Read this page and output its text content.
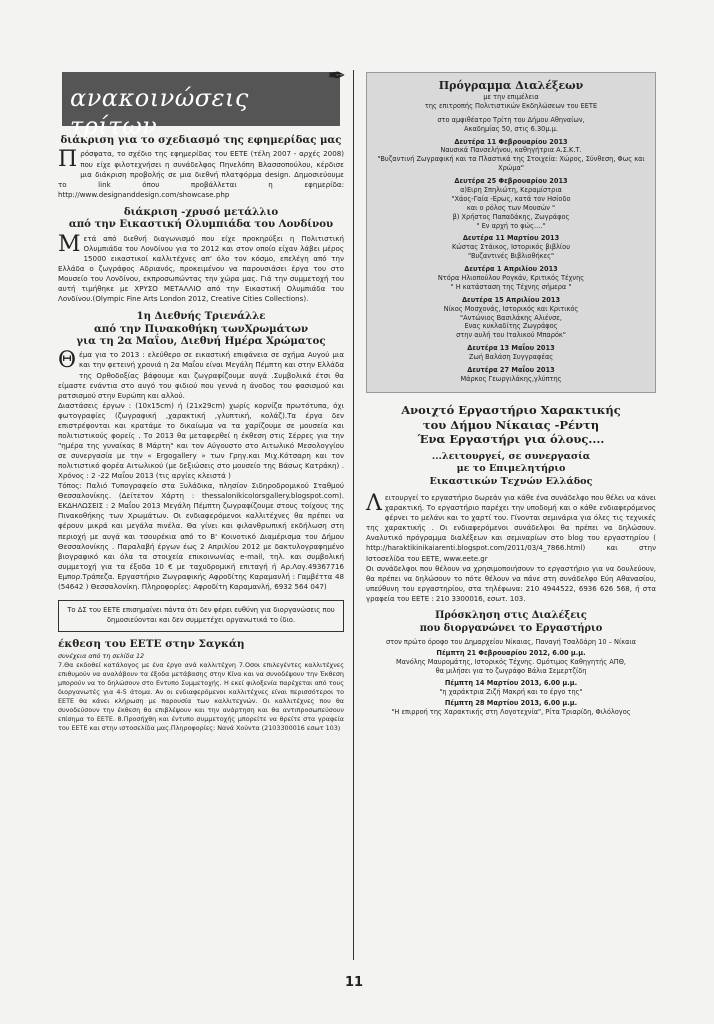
ανακοινώσεις τρίτων
✒
διάκριση για το σχεδιασμό της εφημερίδας μας

Πρόσφατα, το σχέδιο της εφημερίδας του ΕΕΤΕ (τέλη 2007 - αρχές 2008) που είχε φιλοτεχνήσει η συνάδελφος Πηνελόπη Βλασσοπούλου, κέρδισε μια διάκριση προβολής σε μια διεθνή πλατφόρμα design. Δημοσιεύουμε το link όπου προβάλλεται η εφημερίδα: http://www.designanddesign.com/showcase.php

διάκριση -χρυσό μετάλλιο
από την Εικαστική Ολυμπιάδα του Λονδίνου

Μετά από διεθνή διαγωνισμό που είχε προκηρύξει η Πολιτιστική Ολυμπιάδα του Λονδίνου για το 2012 και στον οποίο είχαν λάβει μέρος 15000 εικαστικοί καλλιτέχνες απ' όλο τον κόσμο, επελέγη από την Ελλάδα ο ζωγράφος Αδριανός, προκειμένου να παρουσιάσει έργα του στο Μουσείο του Λονδίνου, εκπροσωπώντας την χώρα μας. Γιά την συμμετοχή του αυτή τιμήθηκε με ΧΡΥΣΟ ΜΕΤΑΛΛΙΟ από την Εικαστική Ολυμπιάδα του Λονδίνου.(Olympic Fine Arts London 2012, Creative Cities Collections).

1η Διεθνής Τριενάλλε
από την Πινακοθήκη τωνΧρωμάτων
για τη 2α Μαΐου, Διεθνή Ημέρα Χρώματος

Θέμα για το 2013 : ελεύθερο σε εικαστική επιφάνεια σε σχήμα Αυγού μια και την φετεινή χρονιά η 2α Μαΐου είναι Μεγάλη Πέμπτη και στην Ελλάδα της Ορθοδοξίας βάφουμε και ζωγραφίζουμε αυγά .Συμβολικά έτσι θα είμαστε ενάντια στο αυγό του φιδιού που γεννά η άνοδος του φασισμού και ρατσισμού στην Ευρώπη και αλλού.

Διαστάσεις έργων : (10x15cm) ή (21x29cm) χωρίς κορνίζα πρωτότυπα, όχι φωτογραφίες (ζωγραφική ,χαρακτική ,γλυπτική, κολάζ).Τα έργα δεν επιστρέφονται και κρατάμε το δικαίωμα να τα χαρίζουμε σε μουσεία και πολιτιστικούς φορείς . Το 2013 θα μεταφερθεί η έκθεση στις Σέρρες για την "ημέρα της γυναίκας 8 Μάρτη" και τον Αύγουστο στο Αιτωλικό Μεσολογγίου σε συνεργασία με την « Ergogallery » των Γρηγ.και Μιχ.Κότσαρη και τον πολιτιστικό φορέα Αιτωλικού (με δεξιώσεις στο μουσείο της Βάσως Κατράκη) . Χρόνος : 2 -22 Μαΐου 2013 (τις αργίες κλειστά )

Τόπος: Παλιό Τυπογραφείο στα Ξυλάδικα, πλησίον Σιδηροδρομικού Σταθμού Θεσσαλονίκης. (Δείτετον Χάρτη : thessalonikicolorsgallery.blogspot.com). ΕΚΔΗΛΩΣΕΙΣ : 2 Μαΐου 2013 Μεγάλη Πέμπτη ζωγραφίζουμε στους τοίχους της Πινακοθήκης των Χρωμάτων. Οι ενδιαφερόμενοι καλλιτέχνες θα πρέπει να φέρουν μικρά και μεγάλα πινέλα. Θα γίνει και φιλανθρωπική εκδήλωση στη περιοχή με αυγά και τσουρέκια από το Β' Κοινοτικό Διαμέρισμα του Δήμου Θεσσαλονίκης . Παραλαβή έργων έως 2 Απριλίου 2012 με δακτυλογραφημένο βιογραφικό και όλα τα στοιχεία επικοινωνίας e-mail, τηλ. και συμβολική συμμετοχή για τα έξοδα 10 € με ταχυδρομική επιταγή ή Αρ.Λογ.49367716 Εμπορ.Τράπεζα. Εργαστήριο Ζωγραφικής Αφροδίτης Καραμανλή : Γαμβέττα 48 (54642 ) Θεσσαλονίκη. Πληροφορίες: Αφροδίτη Καραμανλή, 6932 564 047)

Το ΔΣ του ΕΕΤΕ επισημαίνει πάντα ότι δεν φέρει ευθύνη για διοργανώσεις που δημοσιεύονται και δεν συμμετέχει οργανωτικά το ίδιο.
έκθεση του ΕΕΤΕ στην Σαγκάη

συνέχεια από τη σελίδα 12

7.Θα εκδοθεί κατάλογος με ένα έργο ανά καλλιτέχνη 7.Οσοι επιλεγέντες καλλιτέχνες επιθυμούν να αναλάβουν τα έξοδα μετάβασης στην Κίνα και να συνοδέψουν την Έκθεση μπορούν να το δηλώσουν στο Εντυπο Συμμετοχής. Η εκεί φιλοξενία παρέχεται από τους διοργανωτές για 4-5 άτομα. Αν οι ενδιαφερόμενοι καλλιτέχνες είναι περισσότεροι το ΕΕΤΕ θα κάνει κλήρωση με παρουσία των καλλιτεχνών. Οι καλλιτέχνες που θα συνοδεύσουν την έκθεση θα επιβλέψουν και την ανάρτηση και θα αντιπροσωπεύσουν επίσημα το ΕΕΤΕ. 8.Προσήχθη και έντυπο συμμετοχής μπορείτε να θρείτε στα γραφεία του ΕΕΤΕ και στην ιστοσελίδα μας.Πληροφορίες: Νανά Χούντα (2103300016 εσωτ 103)

Πρόγραμμα Διαλέξεων

με την επιμέλεια

της επιτροπής Πολιτιστικών Εκδηλώσεων του ΕΕΤΕ

στο αμφιθέατρο Τρίτη του Δήμου Αθηναίων,

Ακαδημίας 50, στις 6.30μ.μ.

Δευτέρα 11 Φεβρουαρίου 2013

Ναυσικά Πανσελήνου, καθηγήτρια Α.Σ.Κ.Τ.

"Βυζαντινή Ζωγραφική και τα Πλαστικά της Στοιχεία: Χώρος, Σύνθεση, Φως και Χρώμα"

Δευτέρα 25 Φεβρουαρίου 2013

α)Ειρη Σπηλιώτη, Κεραμίστρια

"Χάος-Γαία -Ερως, κατά τον Ησίοδο

και ο ρόλος των Μουσών "

β) Χρήστος Παπαδάκης, Ζωγράφος

" Εν αρχή το φώς...."

Δευτέρα 11 Μαρτίου 2013

Κώστας Στάικος, Ιστορικός βιβλίου

"Βυζαντινές Βιβλιοθήκες"

Δευτέρα 1 Απριλίου 2013

Ντόρα Ηλιοπούλου Ρογκάν, Κριτικός Τέχνης

" Η κατάσταση της Τέχνης σήμερα "

Δευτέρα 15 Απριλίου 2013

Νίκος Μοσχονάς, Ιστορικός και Κριτικός

"Αντώνιος Βασιλάκης Αλιένσε,

Ενας κυκλαδίτης Ζωγράφος

στην αυλή του Ιταλικού Μπαρόκ"

Δευτέρα 13 Μαΐου 2013

Ζωή Βαλάση Συγγραφέας

Δευτέρα 27 Μαΐου 2013

Μάρκος Γεωργιλάκης,γλύπτης

Ανοιχτό Εργαστήριο Χαρακτικής
του Δήμου Νίκαιας -Ρέντη
Ένα Εργαστήρι για όλους....
...λειτουργεί, σε συνεργασία
με το Επιμελητήριο
Εικαστικών Τεχνών Ελλάδος

Λειτουργεί το εργαστήριο δωρεάν για κάθε ένα συνάδελφο που θέλει να κάνει χαρακτική. Το εργαστήριο παρέχει την υποδομή και ο κάθε ενδιαφερόμενος φέρνει το μελάνι και το χαρτί του. Γίνονται σεμινάρια για όλες τις τεχνικές της χαρακτικής . Οι ενδιαφερόμενοι συνάδελφοι θα πρέπει να δηλώσουν. Αναλυτικό πρόγραμμα διαλέξεων και σεμιναρίων στο blog του εργαστηρίου ( http://haraktikinikaiarenti.blogspot.com/2011/03/4_7866.html) και στην Ιστοσελίδα του ΕΕΤΕ, www.eete.gr

Οι συνάδελφοι που θέλουν να χρησιμοποιήσουν το εργαστήριο για να δουλεύουν, θα πρέπει να δηλώσουν το πότε θέλουν να πάνε στη συνάδελφο Εύη Αθανασίου, υπεύθυνη του εργαστηρίου, στα τηλέφωνα: 210 4944522, 6936 626 568, ή στα γραφεία του ΕΕΤΕ : 210 3300016, εσωτ. 103.

Πρόσκληση στις Διαλέξεις
που διοργανώνει το Εργαστήριο

στον πρώτο όροφο του Δημαρχείου Νίκαιας, Παναγή Τσαλδάρη 10 – Νίκαια

Πέμπτη 21 Φεβρουαρίου 2012, 6.00 μ.μ.

Μανόλης Μαυρομάτης, Ιστορικός Τέχνης. Ομότιμος Καθηγητής ΑΠΘ,

θα μιλήσει για το ζωγράφο Βάλια Σεμερτζίδη

Πέμπτη 14 Μαρτίου 2013, 6.00 μ.μ.

"η χαράκτρια Ζιζή Μακρή και το έργο της"

Πέμπτη 28 Μαρτίου 2013, 6.00 μ.μ.

"Η επιρροή της Χαρακτικής στη Λογοτεχνία", Ρίτα Τριαρίδη, Φιλόλογος

11
